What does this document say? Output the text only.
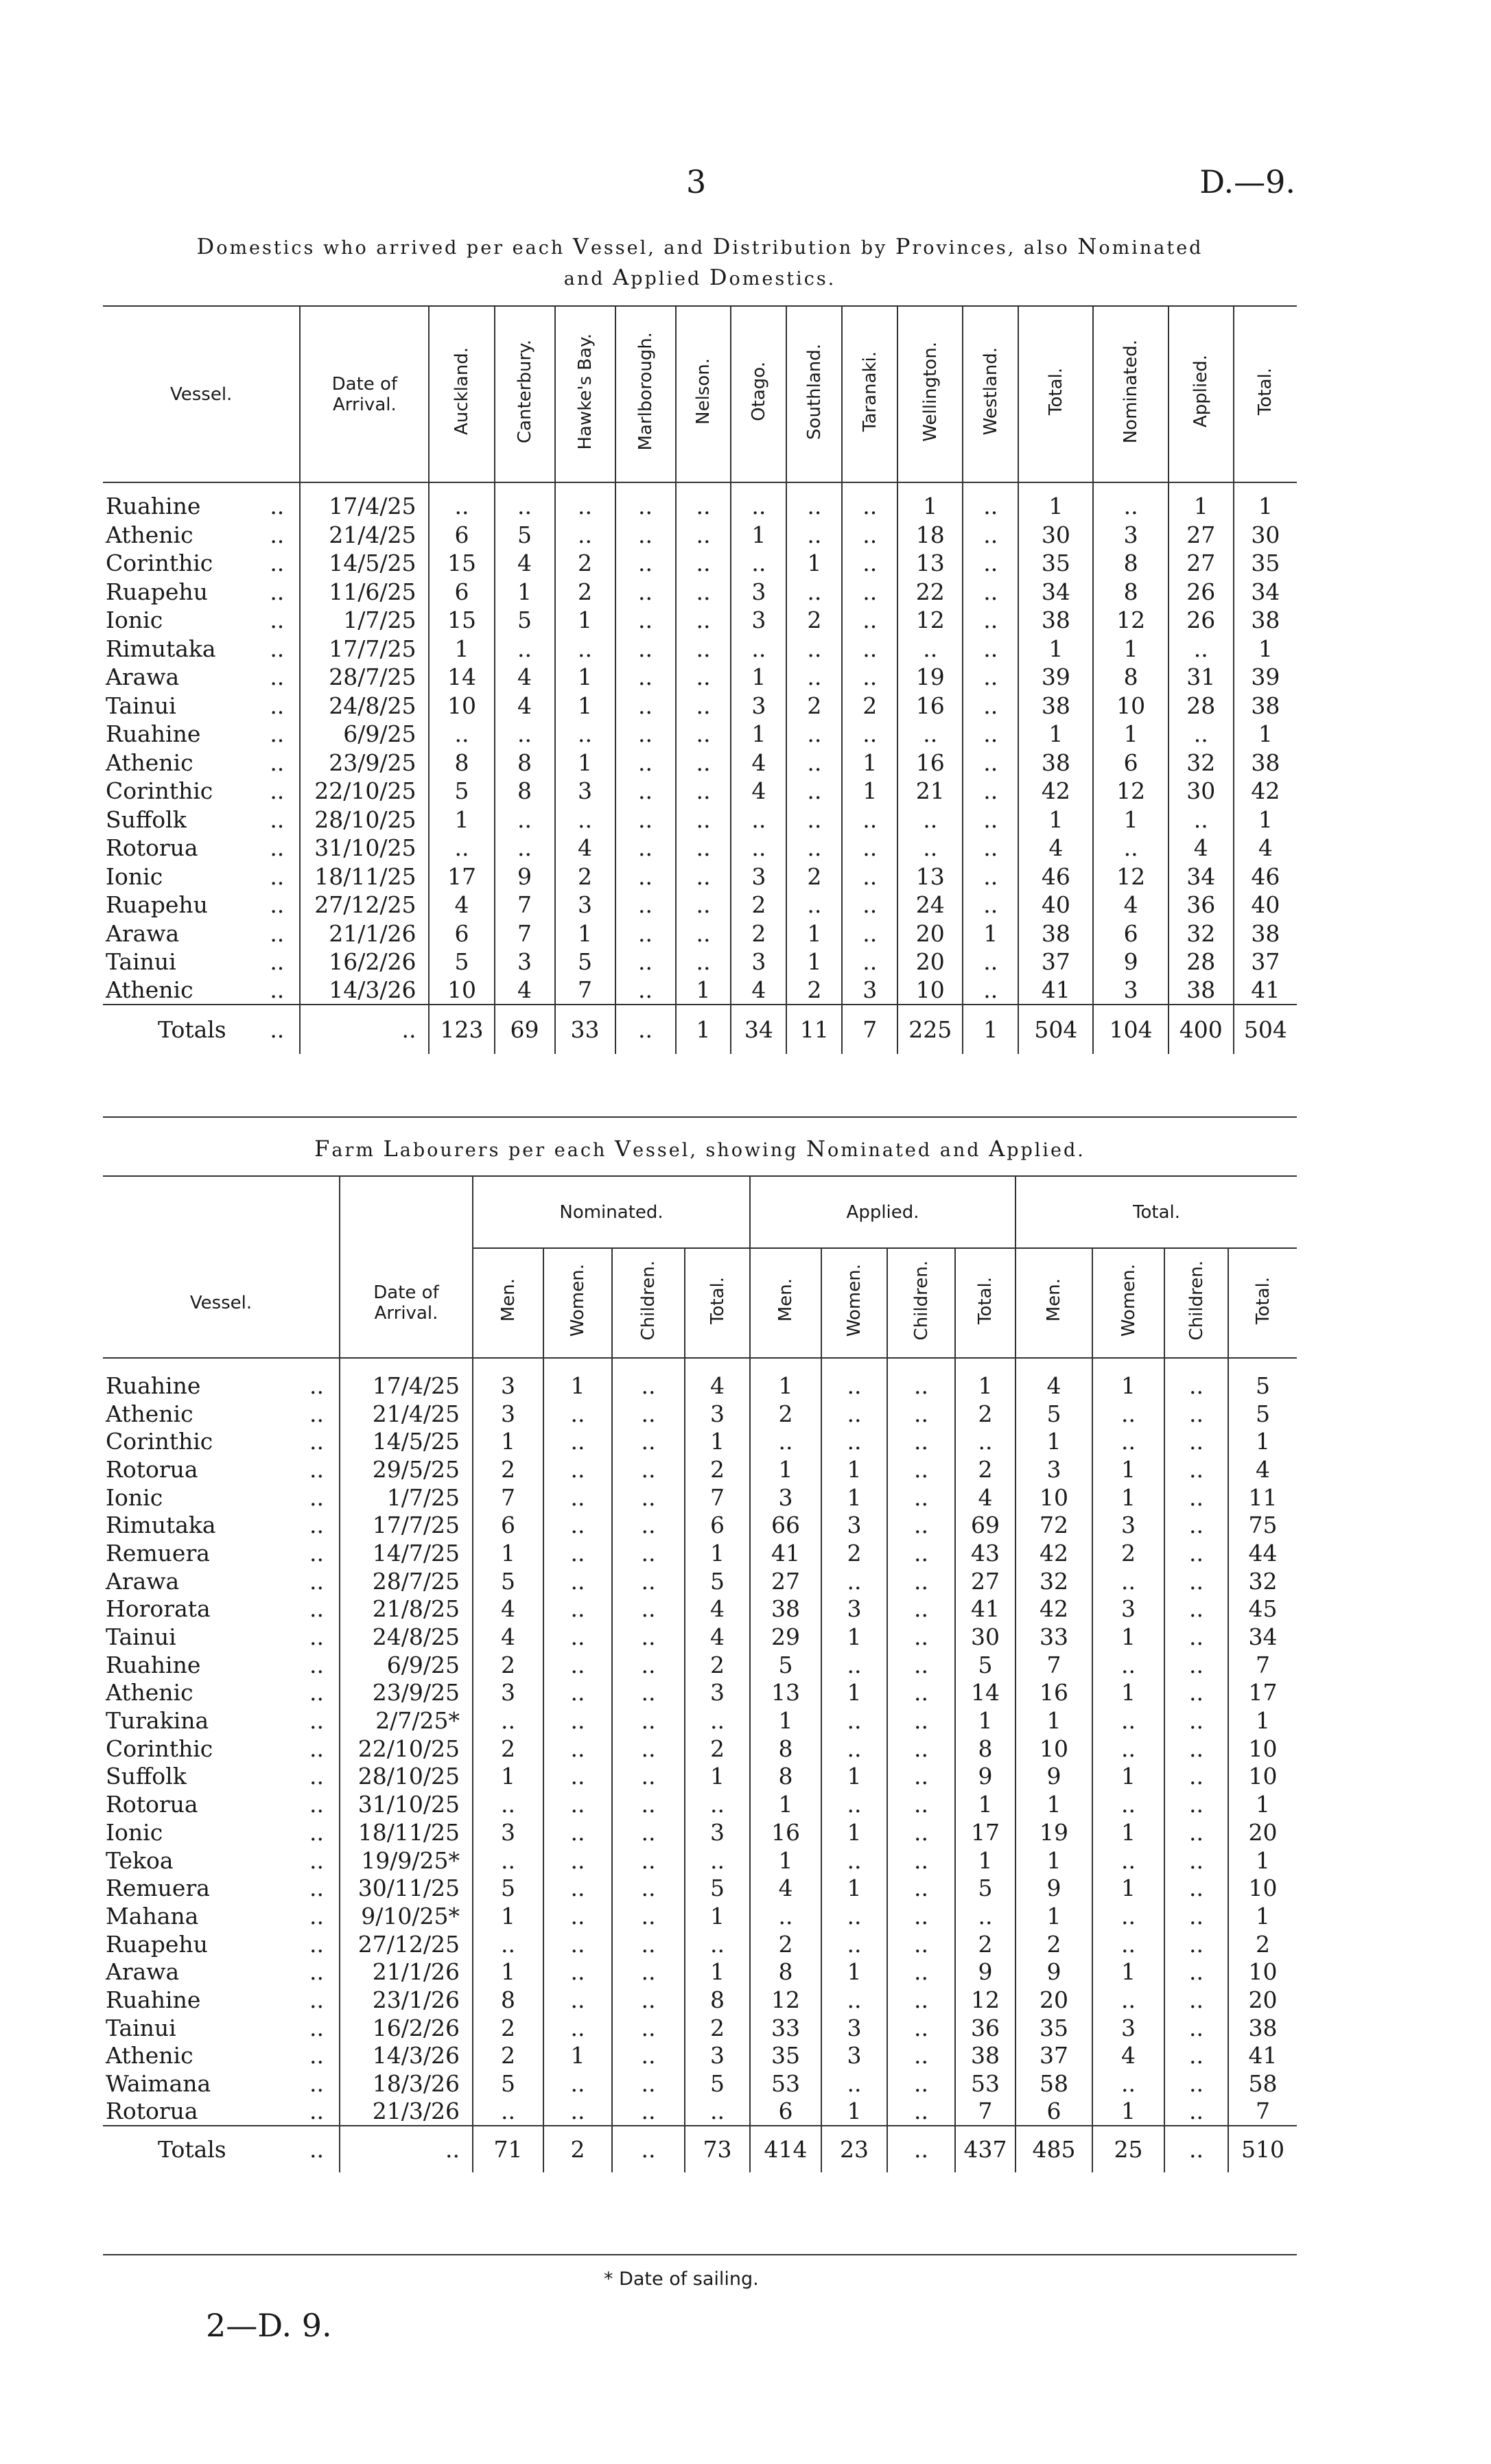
3	D.—9.
Domestics who arrived per each Vessel, and Distribution by Provinces, also Nominated
and Applied Domestics.
Vessel.	Date of Arrival.	Auckland.	Canterbury.	Hawke's Bay.	Marlborough.	Nelson.	Otago.	Southland.	Taranaki.	Wellington.	Westland.	Total.	Nominated.	Applied.	Total.

Ruahine ..	17/4/25	..	..	..	..	..	..	..	..	1	..	1	..	1	1
Athenic ..	21/4/25	6	5	..	..	..	1	..	..	18	..	30	3	27	30
Corinthic ..	14/5/25	15	4	2	..	..	..	1	..	13	..	35	8	27	35
Ruapehu ..	11/6/25	6	1	2	..	..	3	..	..	22	..	34	8	26	34
Ionic ..	1/7/25	15	5	1	..	..	3	2	..	12	..	38	12	26	38
Rimutaka ..	17/7/25	1	..	..	..	..	..	..	..	..	..	1	1	..	1
Arawa ..	28/7/25	14	4	1	..	..	1	..	..	19	..	39	8	31	39
Tainui ..	24/8/25	10	4	1	..	..	3	2	2	16	..	38	10	28	38
Ruahine ..	6/9/25	..	..	..	..	..	1	..	..	..	..	1	1	..	1
Athenic ..	23/9/25	8	8	1	..	..	4	..	1	16	..	38	6	32	38
Corinthic ..	22/10/25	5	8	3	..	..	4	..	1	21	..	42	12	30	42
Suffolk ..	28/10/25	1	..	..	..	..	..	..	..	..	..	1	1	..	1
Rotorua ..	31/10/25	..	..	4	..	..	..	..	..	..	..	4	..	4	4
Ionic ..	18/11/25	17	9	2	..	..	3	2	..	13	..	46	12	34	46
Ruapehu ..	27/12/25	4	7	3	..	..	2	..	..	24	..	40	4	36	40
Arawa ..	21/1/26	6	7	1	..	..	2	1	..	20	1	38	6	32	38
Tainui ..	16/2/26	5	3	5	..	..	3	1	..	20	..	37	9	28	37
Athenic ..	14/3/26	10	4	7	..	1	4	2	3	10	..	41	3	38	41
Totals ..	..	123	69	33	..	1	34	11	7	225	1	504	104	400	504
Farm Labourers per each Vessel, showing Nominated and Applied.
		Nominated.				Applied.				Total.			
Vessel.	Date of Arrival.	Men.	Women.	Children.	Total.	Men.	Women.	Children.	Total.	Men.	Women.	Children.	Total.

Ruahine ..	17/4/25	3	1	..	4	1	..	..	1	4	1	..	5
Athenic ..	21/4/25	3	..	..	3	2	..	..	2	5	..	..	5
Corinthic ..	14/5/25	1	..	..	1	..	..	..	..	1	..	..	1
Rotorua ..	29/5/25	2	..	..	2	1	1	..	2	3	1	..	4
Ionic ..	1/7/25	7	..	..	7	3	1	..	4	10	1	..	11
Rimutaka ..	17/7/25	6	..	..	6	66	3	..	69	72	3	..	75
Remuera ..	14/7/25	1	..	..	1	41	2	..	43	42	2	..	44
Arawa ..	28/7/25	5	..	..	5	27	..	..	27	32	..	..	32
Hororata ..	21/8/25	4	..	..	4	38	3	..	41	42	3	..	45
Tainui ..	24/8/25	4	..	..	4	29	1	..	30	33	1	..	34
Ruahine ..	6/9/25	2	..	..	2	5	..	..	5	7	..	..	7
Athenic ..	23/9/25	3	..	..	3	13	1	..	14	16	1	..	17
Turakina ..	2/7/25*	..	..	..	..	1	..	..	1	1	..	..	1
Corinthic ..	22/10/25	2	..	..	2	8	..	..	8	10	..	..	10
Suffolk ..	28/10/25	1	..	..	1	8	1	..	9	9	1	..	10
Rotorua ..	31/10/25	..	..	..	..	1	..	..	1	1	..	..	1
Ionic ..	18/11/25	3	..	..	3	16	1	..	17	19	1	..	20
Tekoa ..	19/9/25*	..	..	..	..	1	..	..	1	1	..	..	1
Remuera ..	30/11/25	5	..	..	5	4	1	..	5	9	1	..	10
Mahana ..	9/10/25*	1	..	..	1	..	..	..	..	1	..	..	1
Ruapehu ..	27/12/25	..	..	..	..	2	..	..	2	2	..	..	2
Arawa ..	21/1/26	1	..	..	1	8	1	..	9	9	1	..	10
Ruahine ..	23/1/26	8	..	..	8	12	..	..	12	20	..	..	20
Tainui ..	16/2/26	2	..	..	2	33	3	..	36	35	3	..	38
Athenic ..	14/3/26	2	1	..	3	35	3	..	38	37	4	..	41
Waimana ..	18/3/26	5	..	..	5	53	..	..	53	58	..	..	58
Rotorua ..	21/3/26	..	..	..	..	6	1	..	7	6	1	..	7
Totals ..	..	71	2	..	73	414	23	..	437	485	25	..	510
* Date of sailing.
2—D. 9.
